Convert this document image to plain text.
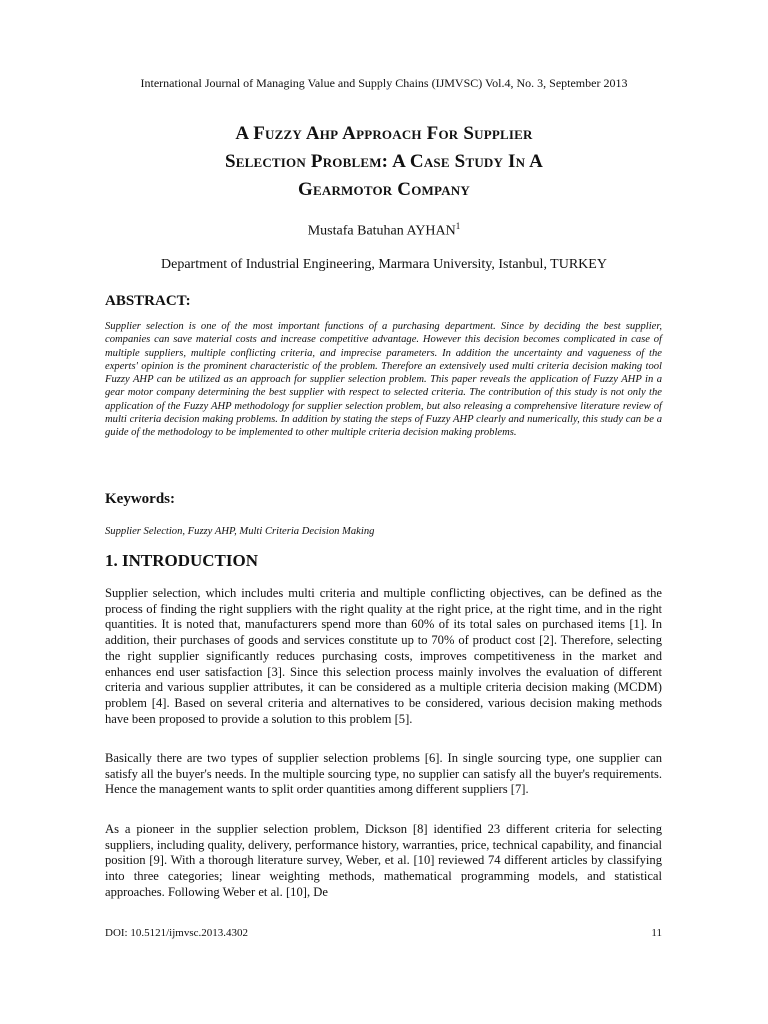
International Journal of Managing Value and Supply Chains (IJMVSC) Vol.4, No. 3, September 2013
A Fuzzy Ahp Approach For Supplier
Selection Problem: A Case Study In A
Gearmotor Company
Mustafa Batuhan AYHAN$^1$
Department of Industrial Engineering, Marmara University, Istanbul, TURKEY
ABSTRACT:

Supplier selection is one of the most important functions of a purchasing department. Since by deciding the best supplier, companies can save material costs and increase competitive advantage. However this decision becomes complicated in case of multiple suppliers, multiple conflicting criteria, and imprecise parameters. In addition the uncertainty and vagueness of the experts' opinion is the prominent characteristic of the problem. Therefore an extensively used multi criteria decision making tool Fuzzy AHP can be utilized as an approach for supplier selection problem. This paper reveals the application of Fuzzy AHP in a gear motor company determining the best supplier with respect to selected criteria. The contribution of this study is not only the application of the Fuzzy AHP methodology for supplier selection problem, but also releasing a comprehensive literature review of multi criteria decision making problems. In addition by stating the steps of Fuzzy AHP clearly and numerically, this study can be a guide of the methodology to be implemented to other multiple criteria decision making problems.

Keywords:
Supplier Selection, Fuzzy AHP, Multi Criteria Decision Making
1. INTRODUCTION

Supplier selection, which includes multi criteria and multiple conflicting objectives, can be defined as the process of finding the right suppliers with the right quality at the right price, at the right time, and in the right quantities. It is noted that, manufacturers spend more than 60% of its total sales on purchased items [1]. In addition, their purchases of goods and services constitute up to 70% of product cost [2]. Therefore, selecting the right supplier significantly reduces purchasing costs, improves competitiveness in the market and enhances end user satisfaction [3]. Since this selection process mainly involves the evaluation of different criteria and various supplier attributes, it can be considered as a multiple criteria decision making (MCDM) problem [4]. Based on several criteria and alternatives to be considered, various decision making methods have been proposed to provide a solution to this problem [5].

Basically there are two types of supplier selection problems [6]. In single sourcing type, one supplier can satisfy all the buyer's needs. In the multiple sourcing type, no supplier can satisfy all the buyer's requirements. Hence the management wants to split order quantities among different suppliers [7].

As a pioneer in the supplier selection problem, Dickson [8] identified 23 different criteria for selecting suppliers, including quality, delivery, performance history, warranties, price, technical capability, and financial position [9]. With a thorough literature survey, Weber, et al. [10] reviewed 74 different articles by classifying into three categories; linear weighting methods, mathematical programming models, and statistical approaches. Following Weber et al. [10], De

DOI: 10.5121/ijmvsc.2013.4302	11
